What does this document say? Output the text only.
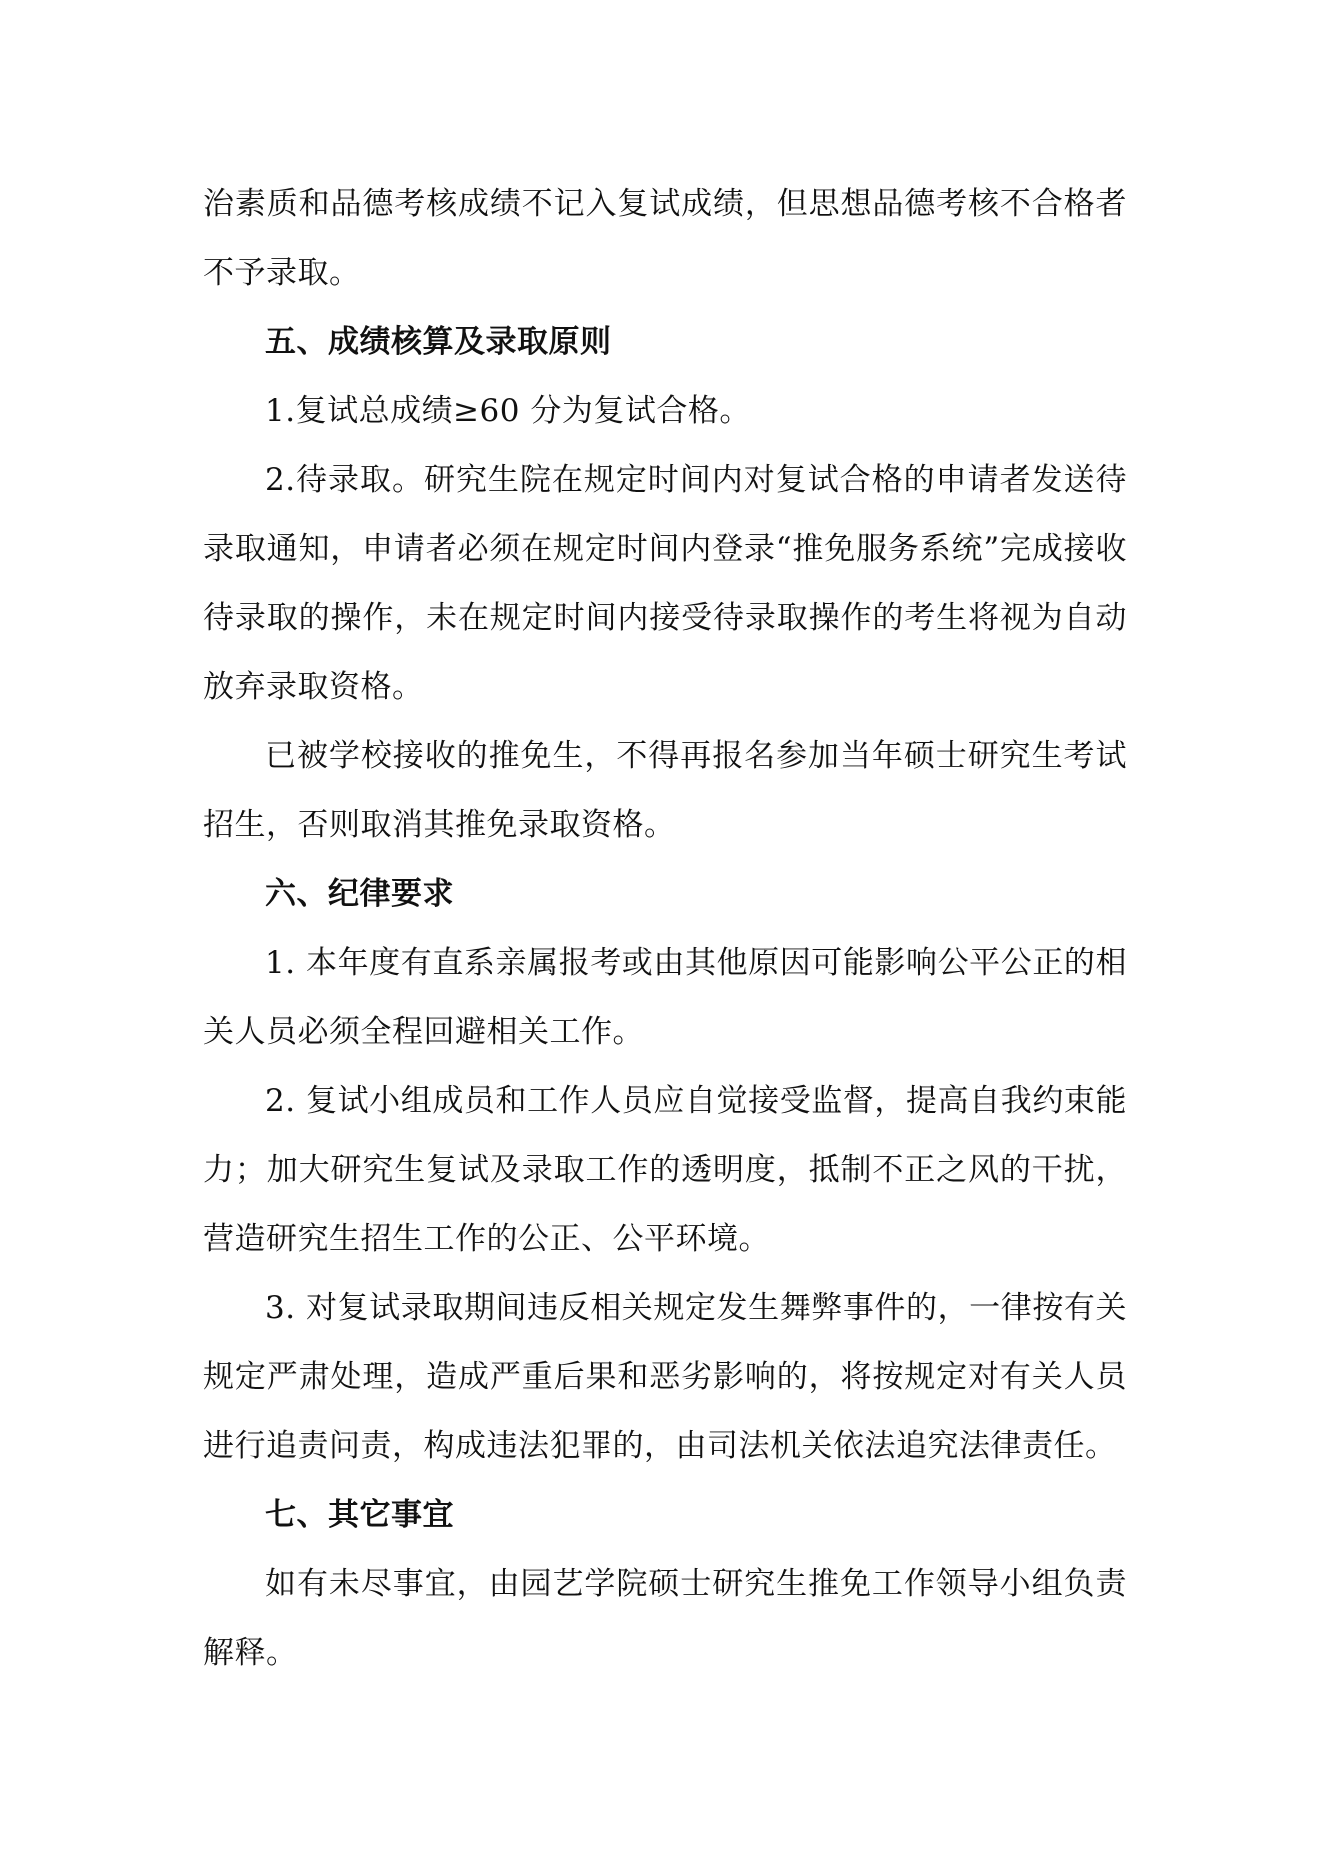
治素质和品德考核成绩不记入复试成绩，但思想品德考核不合格者不予录取。

五、成绩核算及录取原则

1.复试总成绩≥60 分为复试合格。

2.待录取。研究生院在规定时间内对复试合格的申请者发送待录取通知，申请者必须在规定时间内登录“推免服务系统”完成接收待录取的操作，未在规定时间内接受待录取操作的考生将视为自动放弃录取资格。

已被学校接收的推免生，不得再报名参加当年硕士研究生考试招生，否则取消其推免录取资格。

六、纪律要求

1. 本年度有直系亲属报考或由其他原因可能影响公平公正的相关人员必须全程回避相关工作。

2. 复试小组成员和工作人员应自觉接受监督，提高自我约束能力；加大研究生复试及录取工作的透明度，抵制不正之风的干扰，营造研究生招生工作的公正、公平环境。

3. 对复试录取期间违反相关规定发生舞弊事件的，一律按有关规定严肃处理，造成严重后果和恶劣影响的，将按规定对有关人员进行追责问责，构成违法犯罪的，由司法机关依法追究法律责任。

七、其它事宜

如有未尽事宜，由园艺学院硕士研究生推免工作领导小组负责解释。
